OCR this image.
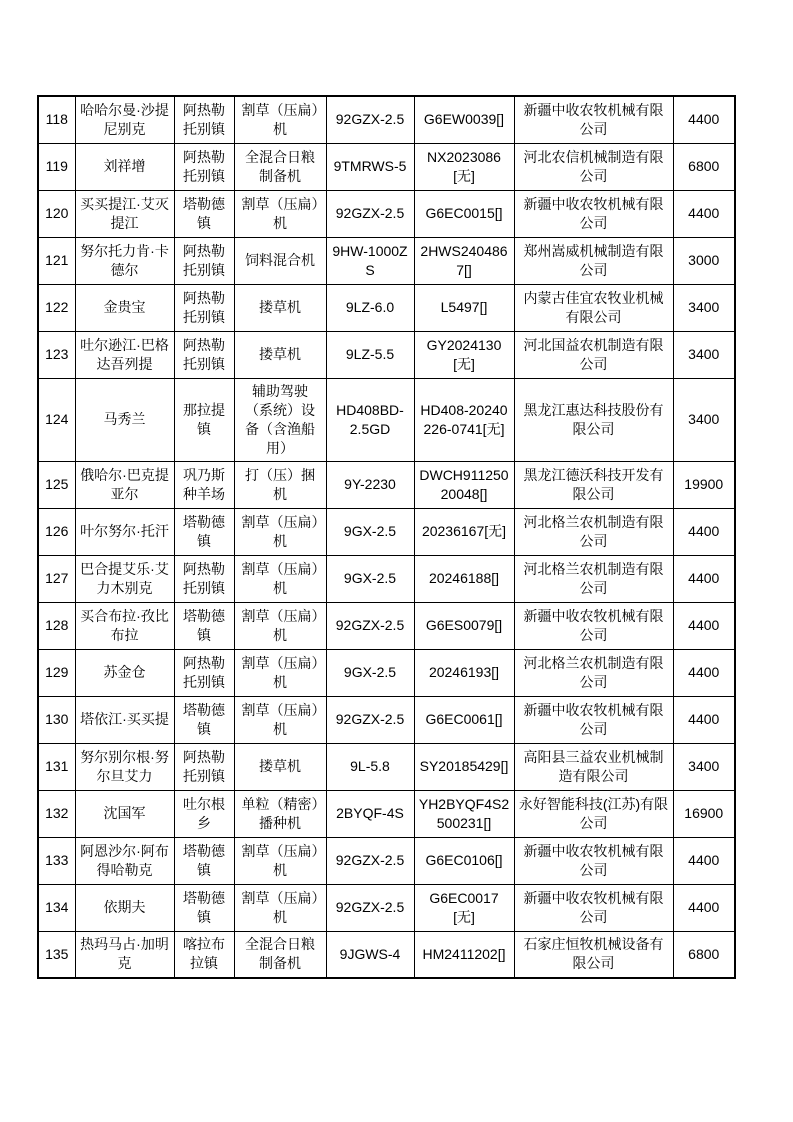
118	哈哈尔曼·沙提尼别克	阿热勒托别镇	割草（压扁）机	92GZX-2.5	G6EW0039[]	新疆中收农牧机械有限公司	4400
119	刘祥增	阿热勒托别镇	全混合日粮制备机	9TMRWS-5	NX2023086[无]	河北农信机械制造有限公司	6800
120	买买提江·艾灭提江	塔勒德镇	割草（压扁）机	92GZX-2.5	G6EC0015[]	新疆中收农牧机械有限公司	4400
121	努尔托力肯·卡德尔	阿热勒托别镇	饲料混合机	9HW-1000ZS	2HWS2404867[]	郑州嵩威机械制造有限公司	3000
122	金贵宝	阿热勒托别镇	搂草机	9LZ-6.0	L5497[]	内蒙古佳宜农牧业机械有限公司	3400
123	吐尔逊江·巴格达吾列提	阿热勒托别镇	搂草机	9LZ-5.5	GY2024130[无]	河北国益农机制造有限公司	3400
124	马秀兰	那拉提镇	辅助驾驶（系统）设备（含渔船用）	HD408BD-2.5GD	HD408-20240226-0741[无]	黑龙江惠达科技股份有限公司	3400
125	俄哈尔·巴克提亚尔	巩乃斯种羊场	打（压）捆机	9Y-2230	DWCH91125020048[]	黑龙江德沃科技开发有限公司	19900
126	叶尔努尔·托汗	塔勒德镇	割草（压扁）机	9GX-2.5	20236167[无]	河北格兰农机制造有限公司	4400
127	巴合提艾乐·艾力木别克	阿热勒托别镇	割草（压扁）机	9GX-2.5	20246188[]	河北格兰农机制造有限公司	4400
128	买合布拉·孜比布拉	塔勒德镇	割草（压扁）机	92GZX-2.5	G6ES0079[]	新疆中收农牧机械有限公司	4400
129	苏金仓	阿热勒托别镇	割草（压扁）机	9GX-2.5	20246193[]	河北格兰农机制造有限公司	4400
130	塔依江·买买提	塔勒德镇	割草（压扁）机	92GZX-2.5	G6EC0061[]	新疆中收农牧机械有限公司	4400
131	努尔别尔根·努尔旦艾力	阿热勒托别镇	搂草机	9L-5.8	SY20185429[]	高阳县三益农业机械制造有限公司	3400
132	沈国军	吐尔根乡	单粒（精密）播种机	2BYQF-4S	YH2BYQF4S2500231[]	永好智能科技(江苏)有限公司	16900
133	阿恩沙尔·阿布得哈勒克	塔勒德镇	割草（压扁）机	92GZX-2.5	G6EC0106[]	新疆中收农牧机械有限公司	4400
134	依期夫	塔勒德镇	割草（压扁）机	92GZX-2.5	G6EC0017[无]	新疆中收农牧机械有限公司	4400
135	热玛马占·加明克	喀拉布拉镇	全混合日粮制备机	9JGWS-4	HM2411202[]	石家庄恒牧机械设备有限公司	6800
